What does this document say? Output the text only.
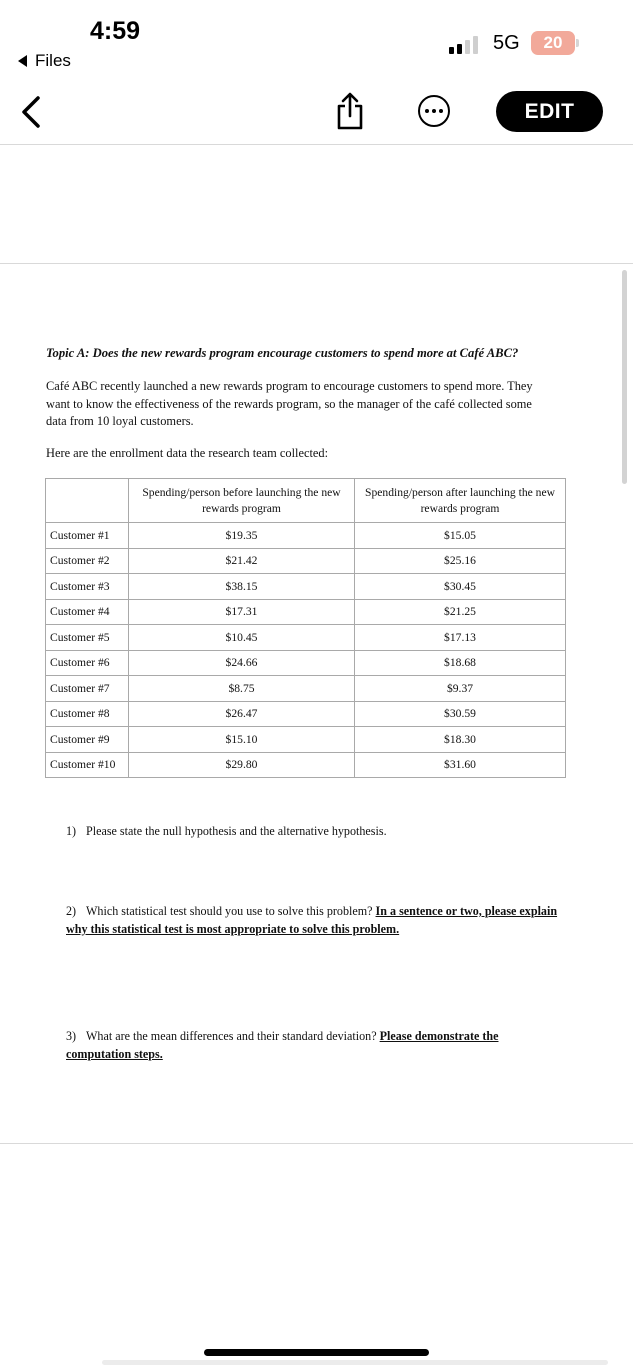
4:59
Files
5G 20
EDIT
Topic A: Does the new rewards program encourage customers to spend more at Café ABC?
Café ABC recently launched a new rewards program to encourage customers to spend more. They want to know the effectiveness of the rewards program, so the manager of the café collected some data from 10 loyal customers.
Here are the enrollment data the research team collected:
	Spending/person before launching the new rewards program	Spending/person after launching the new rewards program
Customer #1	$19.35	$15.05
Customer #2	$21.42	$25.16
Customer #3	$38.15	$30.45
Customer #4	$17.31	$21.25
Customer #5	$10.45	$17.13
Customer #6	$24.66	$18.68
Customer #7	$8.75	$9.37
Customer #8	$26.47	$30.59
Customer #9	$15.10	$18.30
Customer #10	$29.80	$31.60
1) Please state the null hypothesis and the alternative hypothesis.
2) Which statistical test should you use to solve this problem? In a sentence or two, please explain why this statistical test is most appropriate to solve this problem.
3) What are the mean differences and their standard deviation? Please demonstrate the computation steps.
